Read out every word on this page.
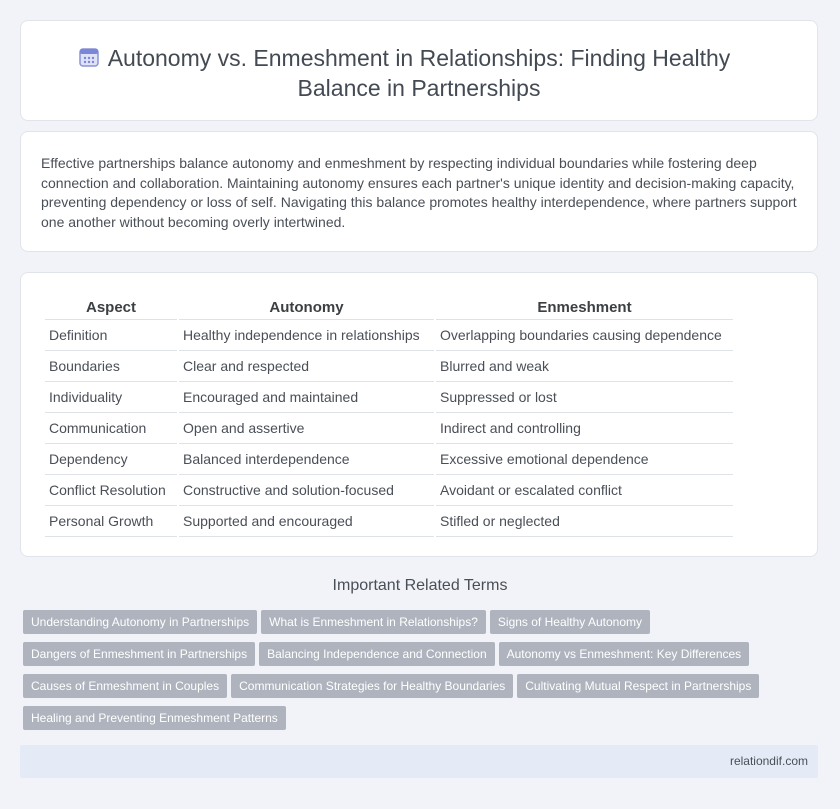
Autonomy vs. Enmeshment in Relationships: Finding Healthy
Balance in Partnerships

Effective partnerships balance autonomy and enmeshment by respecting individual boundaries while fostering deep connection and collaboration. Maintaining autonomy ensures each partner's unique identity and decision-making capacity, preventing dependency or loss of self. Navigating this balance promotes healthy interdependence, where partners support one another without becoming overly intertwined.

Aspect	Autonomy	Enmeshment
Definition	Healthy independence in relationships	Overlapping boundaries causing dependence
Boundaries	Clear and respected	Blurred and weak
Individuality	Encouraged and maintained	Suppressed or lost
Communication	Open and assertive	Indirect and controlling
Dependency	Balanced interdependence	Excessive emotional dependence
Conflict Resolution	Constructive and solution-focused	Avoidant or escalated conflict
Personal Growth	Supported and encouraged	Stifled or neglected
Important Related Terms
Understanding Autonomy in Partnerships What is Enmeshment in Relationships? Signs of Healthy Autonomy
Dangers of Enmeshment in Partnerships Balancing Independence and Connection Autonomy vs Enmeshment: Key Differences
Causes of Enmeshment in Couples Communication Strategies for Healthy Boundaries Cultivating Mutual Respect in Partnerships
Healing and Preventing Enmeshment Patterns
relationdif.com
